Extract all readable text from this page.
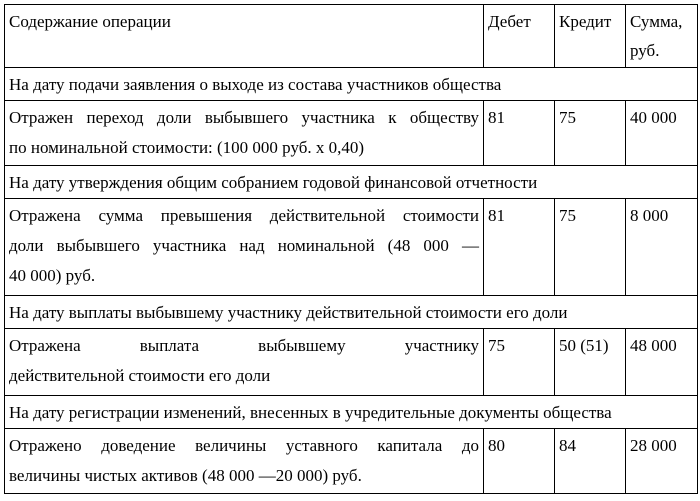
Содержание операции	Дебет	Кредит	Сумма,
руб.

На дату подачи заявления о выходе из состава участников общества			

Отражен переход доли выбывшего участника к обществу
по номинальной стоимости: (100 000 руб. х 0,40)	81	75	40 000

На дату утверждения общим собранием годовой финансовой отчетности			

Отражена сумма превышения действительной стоимости
доли выбывшего участника над номинальной (48 000 —
40 000) руб.	81	75	8 000

На дату выплаты выбывшему участнику действительной стоимости его доли			

Отражена выплата выбывшему участнику
действительной стоимости его доли	75	50 (51)	48 000

На дату регистрации изменений, внесенных в учредительные документы общества			

Отражено доведение величины уставного капитала до
величины чистых активов (48 000 —20 000) руб.	80	84	28 000
